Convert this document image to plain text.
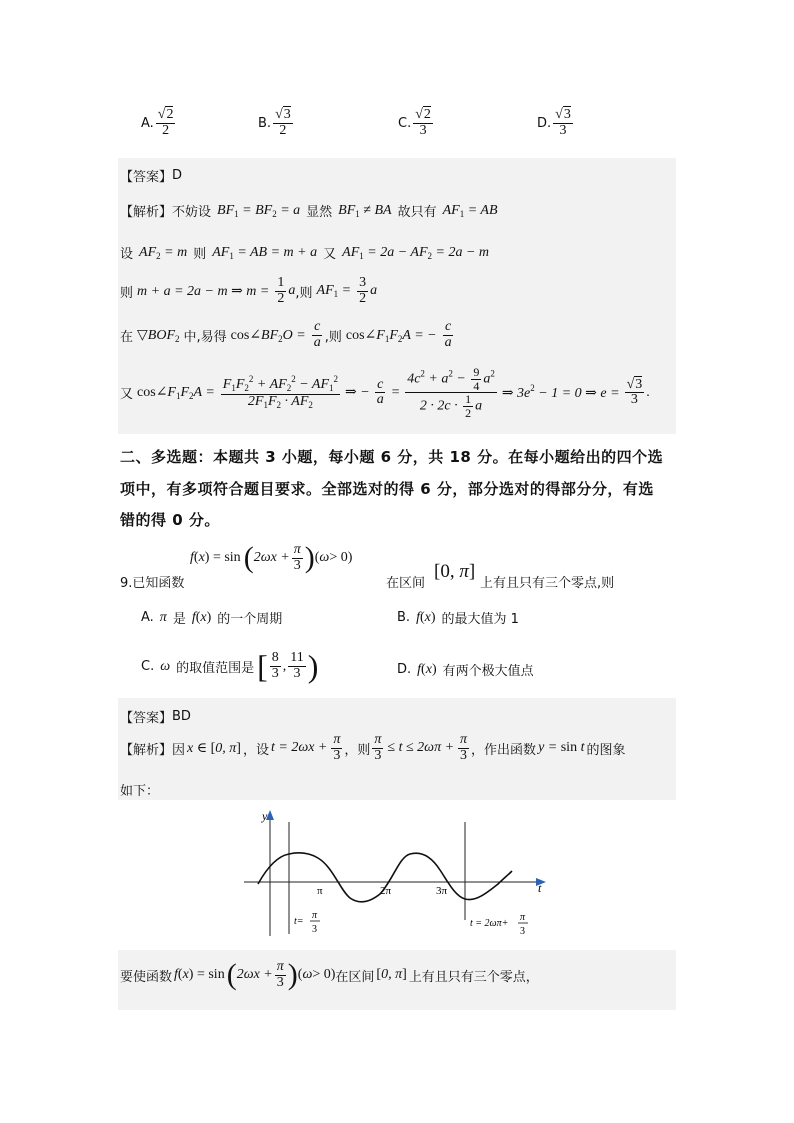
A. $\frac{√2}{2}$	B. $\frac{√3}{2}$	C. $\frac{√2}{3}$	D. $\frac{√3}{3}$
【答案】 D
【解析】 不妨设 $BF_1 = BF_2 = a$ 显然 $BF_1$ ≠ BA 故只有 $AF_1$ = AB
设 $AF_2 = m$ 则 $AF_1$ = AB = m + a 又 $AF_1 = 2a - AF_2 = 2a - m$
则 m + a = 2a − m ⇒ $m = \frac{1}{2}$ a ,则 $AF_1 = \frac{3}{2}$ a
在 $▽BOF_2$ 中,易得 $\cos\angle BF_2O = \frac{c}{a}$ ,则 $\cos\angle F_1F_2A$ = − $\frac{c}{a}$
又 $\cos\angle F_1F_2A = \frac{F_1F_2^2 + AF_2^2 - AF_1^2}{2F_1F_2 \cdot AF_2}$ ⇒ − $\frac{c}{a} = \frac{4c^2 + a^2 - \frac{9}{4} a^2}{2 \cdot 2c \cdot \frac{1}{2} a}$ ⇒ $3e^2 - 1 = 0$ ⇒ $e = \frac{√3}{3}$ .
二、多选题：本题共 3 小题，每小题 6 分，共 18 分。在每小题给出的四个选
项中，有多项符合题目要求。全部选对的得 6 分，部分选对的得部分分，有选
错的得 0 分。
9.已知函数
f ( x ) = sin ( $2\omega x + \frac{\pi}{3}$ ) ( ω > 0)
在区间
[0, π]
上有且只有三个零点,则
A. π 是 f(x) 的一个周期	B. f(x) 的最大值为 1
C. ω 的取值范围是 [ $\frac{8}{3}$ , $\frac{11}{3}$ )	D. f(x) 有两个极大值点
【答案】 BD
【解析】 因 x ∈ [0, π] ，设 $t = 2\omega x + \frac{\pi}{3}$ ，则 $\frac{\pi}{3} \le t \le 2\omega\pi + \frac{\pi}{3}$ ，作出函数 y = sin t 的图象
如下：
y
t
π	2π	3π
t=
π
3
t = 2ωπ+
π
3
要使函数 f(x) = sin ( $2\omega x + \frac{\pi}{3}$ ) ( ω > 0) 在区间 [0, π] 上有且只有三个零点，
